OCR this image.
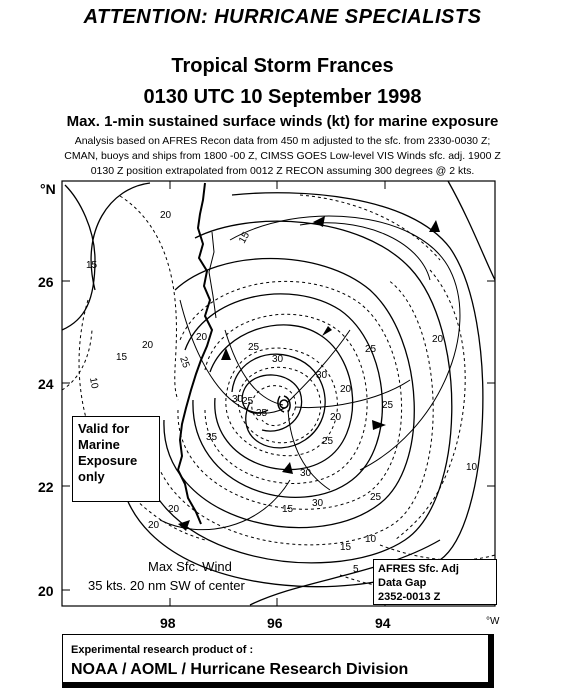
ATTENTION: HURRICANE SPECIALISTS
Tropical Storm Frances
0130 UTC 10 September 1998
Max. 1-min sustained surface winds (kt) for marine exposure
Analysis based on AFRES Recon data from 450 m adjusted to the sfc. from 2330-0030 Z;
CMAN, buoys and ships from 1800 -00 Z, CIMSS GOES Low-level VIS Winds sfc. adj. 1900 Z
0130 Z position extrapolated from 0012 Z RECON assuming 300 degrees @ 2 kts.
°N
26
24
22
20
98	96	94	°W
20
15
15
20
15
10
25
20
25
30
30
25
35
35
30
25
20
20
25
30
20
25
15
10
5
20
30
25
15
20
10
Valid for
Marine
Exposure
only
Max Sfc. Wind
35 kts. 20 nm SW of center
AFRES Sfc. Adj
Data Gap
2352-0013 Z
Experimental research product of :
NOAA / AOML / Hurricane Research Division
